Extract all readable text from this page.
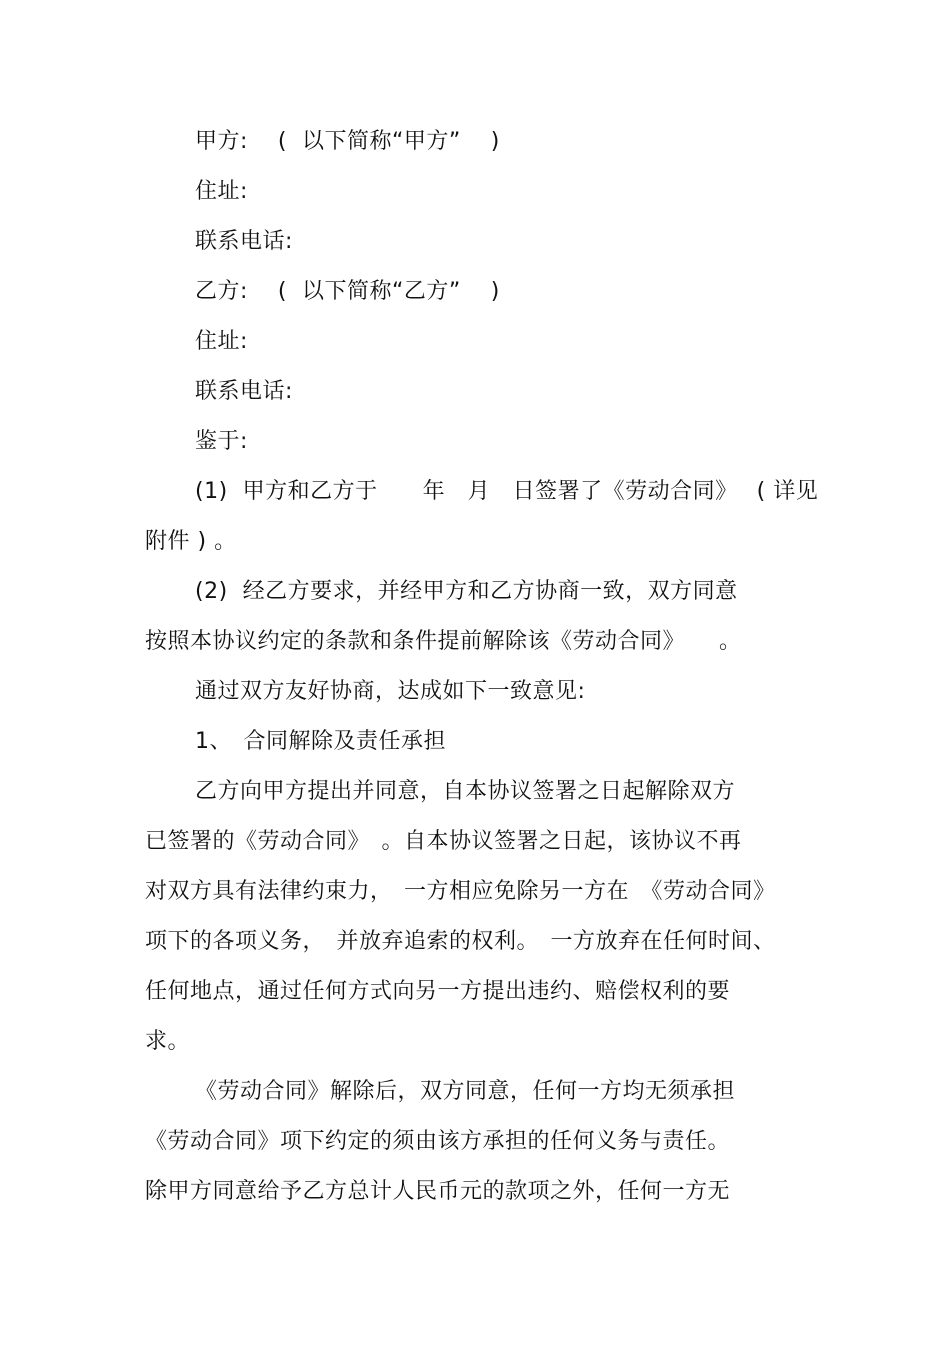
甲方:　 (  以下简称“甲方”　 )
住址:
联系电话:
乙方:　 (  以下简称“乙方”　 )
住址:
联系电话:
鉴于:
(1)  甲方和乙方于　　年　月　日签署了《劳动合同》　 ( 详见
附件 ) 。
(2)  经乙方要求，并经甲方和乙方协商一致，双方同意
按照本协议约定的条款和条件提前解除该《劳动合同》　　。
通过双方友好协商，达成如下一致意见:
1、　合同解除及责任承担
乙方向甲方提出并同意，自本协议签署之日起解除双方
已签署的《劳动合同》　。自本协议签署之日起，该协议不再
对双方具有法律约束力，　一方相应免除另一方在　《劳动合同》
项下的各项义务，　并放弃追索的权利。　一方放弃在任何时间、
任何地点，通过任何方式向另一方提出违约、赔偿权利的要
求。
《劳动合同》解除后，双方同意，任何一方均无须承担
《劳动合同》项下约定的须由该方承担的任何义务与责任。
除甲方同意给予乙方总计人民币元的款项之外，任何一方无
